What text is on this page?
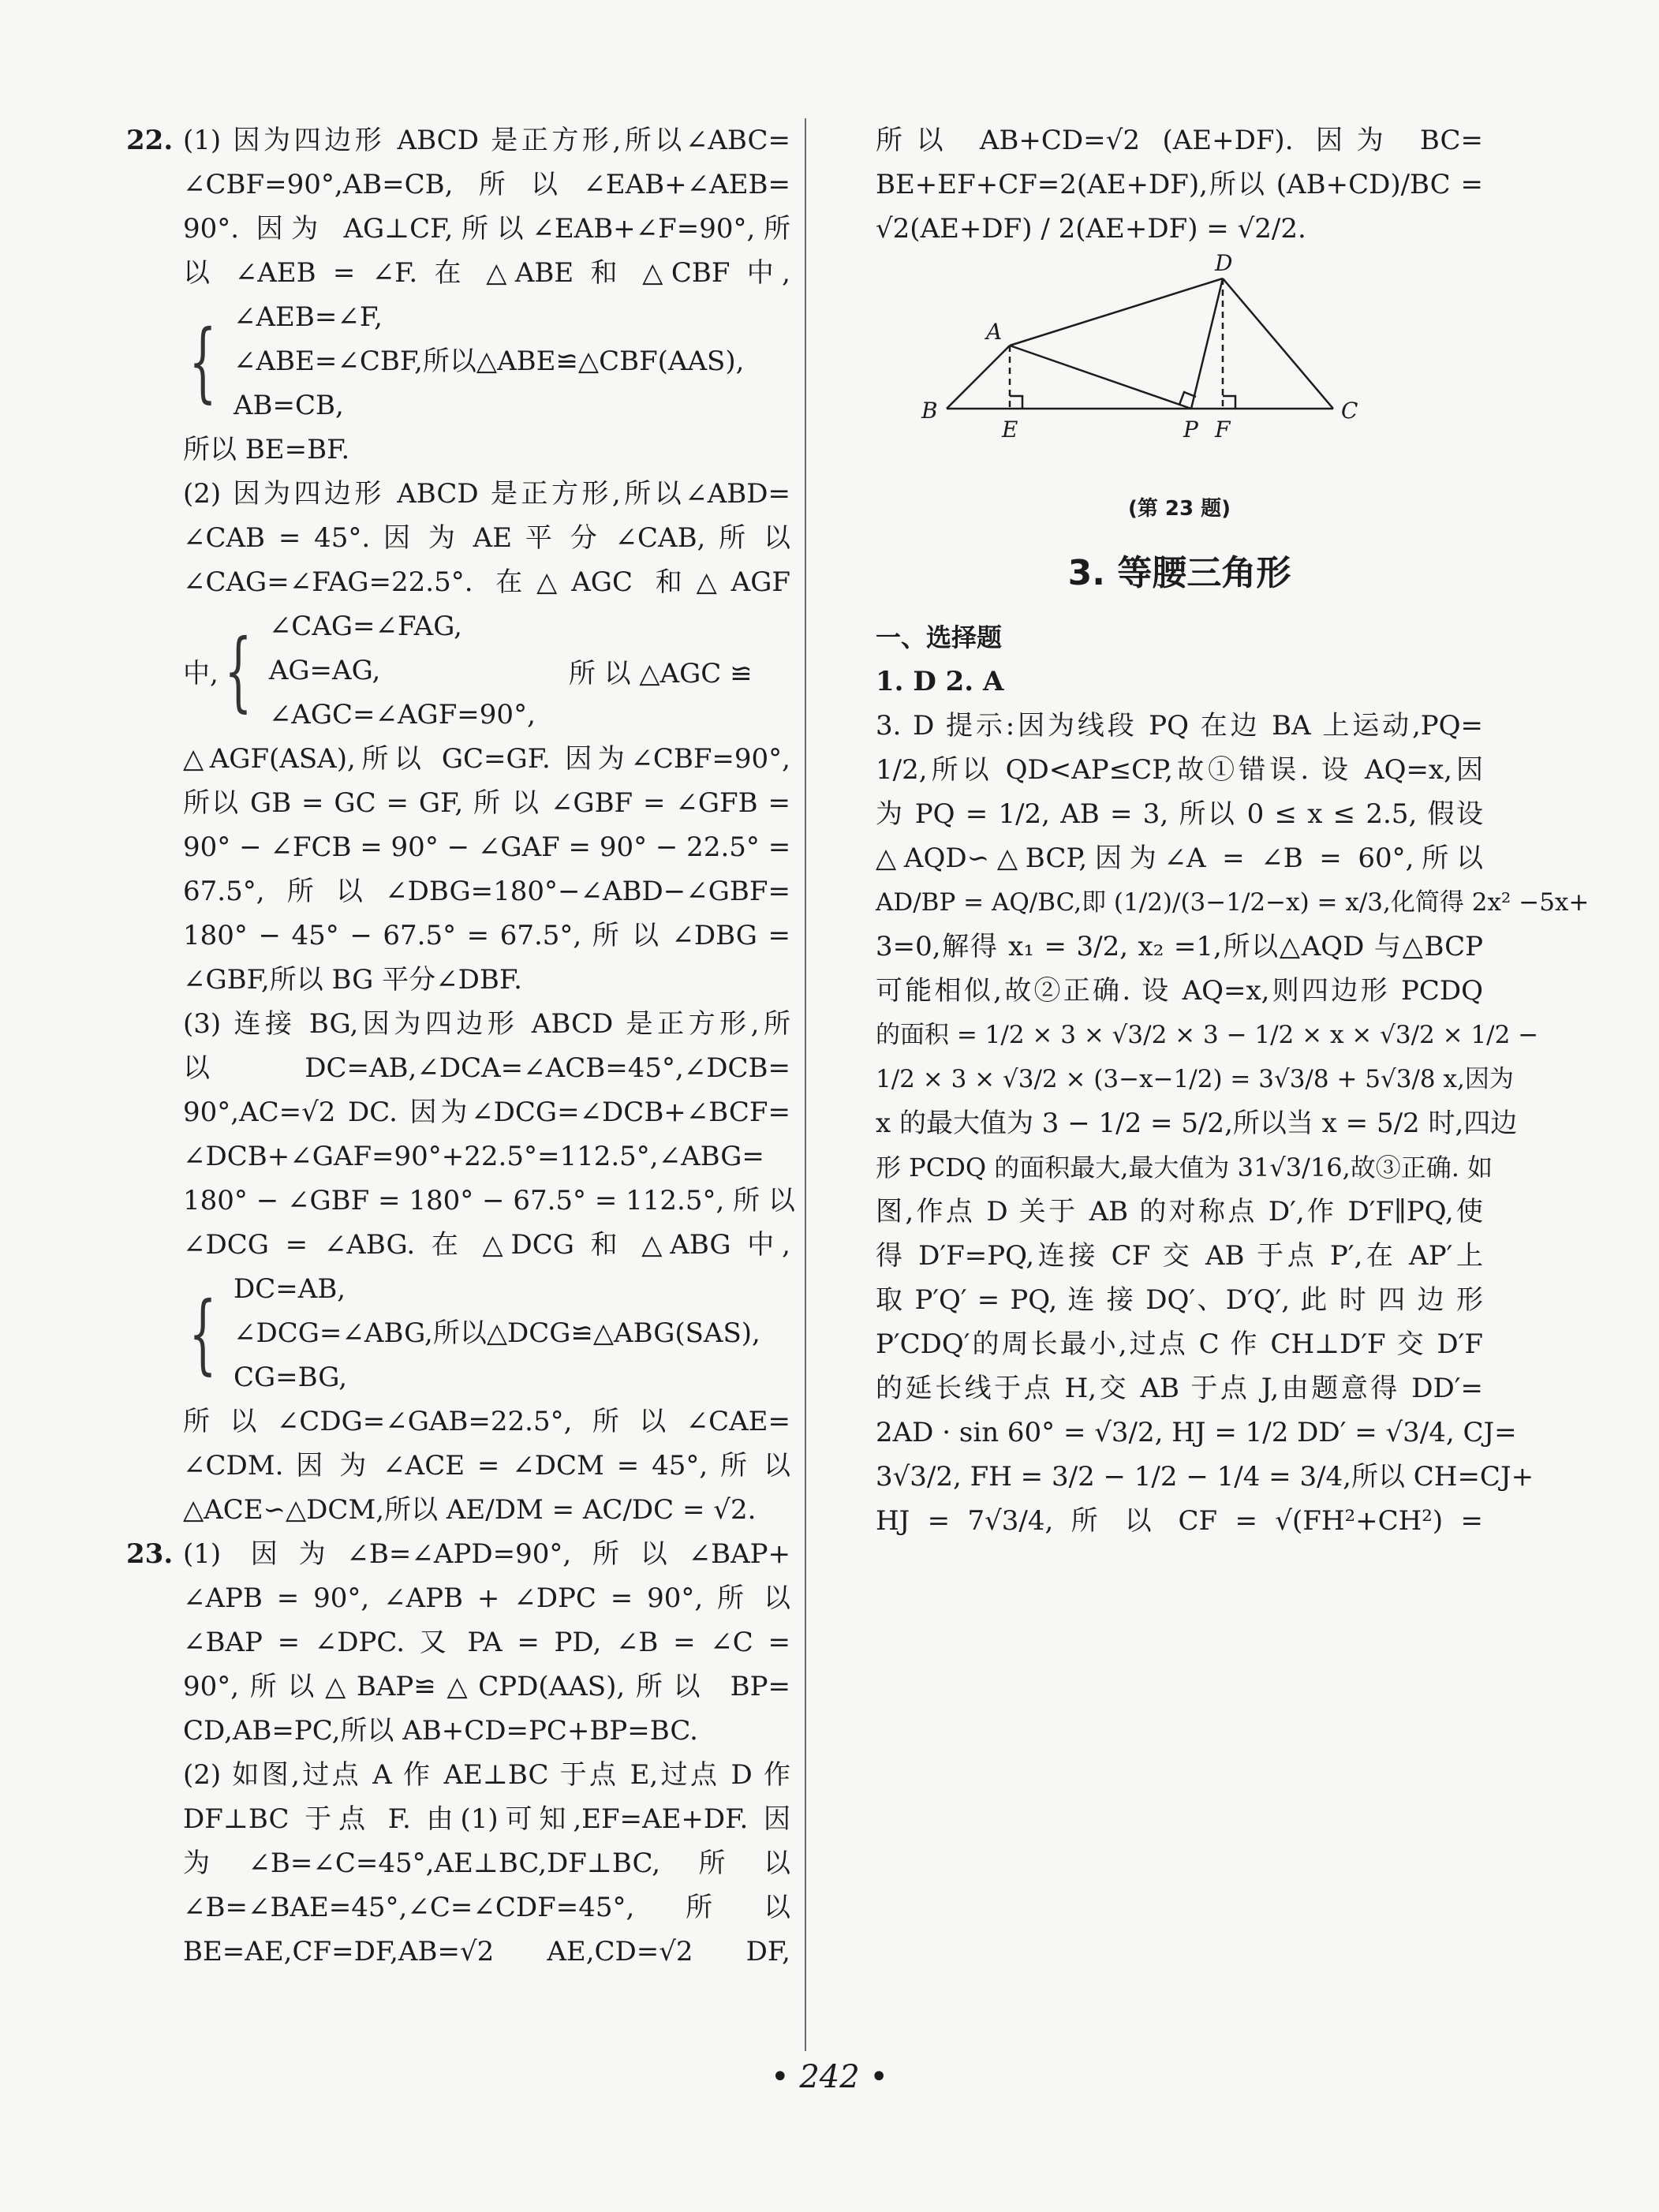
22. (1) 因为四边形 ABCD 是正方形,所以∠ABC=

∠CBF=90°,AB=CB,所以∠EAB+∠AEB=

90°. 因为 AG⊥CF,所以∠EAB+∠F=90°,所

以 ∠AEB = ∠F. 在 △ABE 和 △CBF 中,

{ ∠AEB=∠F,

∠ABE=∠CBF,所以△ABE≌△CBF(AAS),

AB=CB,

所以 BE=BF.

(2) 因为四边形 ABCD 是正方形,所以∠ABD=

∠CAB = 45°. 因 为 AE 平 分 ∠CAB, 所 以

∠CAG=∠FAG=22.5°. 在△AGC 和△AGF

中, { ∠CAG=∠FAG,

AG=AG,

∠AGC=∠AGF=90°,

所 以 △AGC ≌

△AGF(ASA),所以 GC=GF. 因为∠CBF=90°,

所以 GB = GC = GF, 所 以 ∠GBF = ∠GFB =

90° − ∠FCB = 90° − ∠GAF = 90° − 22.5° =

67.5°,所以∠DBG=180°−∠ABD−∠GBF=

180° − 45° − 67.5° = 67.5°, 所 以 ∠DBG =

∠GBF,所以 BG 平分∠DBF.

(3) 连接 BG,因为四边形 ABCD 是正方形,所

以 DC=AB,∠DCA=∠ACB=45°,∠DCB=

90°,AC=√2 DC. 因为∠DCG=∠DCB+∠BCF=

∠DCB+∠GAF=90°+22.5°=112.5°,∠ABG=

180° − ∠GBF = 180° − 67.5° = 112.5°, 所 以

∠DCG = ∠ABG. 在 △DCG 和 △ABG 中,

{ DC=AB,

∠DCG=∠ABG,所以△DCG≌△ABG(SAS),

CG=BG,

所以∠CDG=∠GAB=22.5°,所以∠CAE=

∠CDM. 因 为 ∠ACE = ∠DCM = 45°, 所 以

△ACE∽△DCM,所以 AE/DM = AC/DC = √2.

23. (1) 因为∠B=∠APD=90°,所以∠BAP+

∠APB = 90°, ∠APB + ∠DPC = 90°, 所 以

∠BAP = ∠DPC. 又 PA = PD, ∠B = ∠C =

90°,所以△BAP≌△CPD(AAS),所以 BP=

CD,AB=PC,所以 AB+CD=PC+BP=BC.

(2) 如图,过点 A 作 AE⊥BC 于点 E,过点 D 作

DF⊥BC 于点 F. 由(1)可知,EF=AE+DF. 因

为∠B=∠C=45°,AE⊥BC,DF⊥BC,所以

∠B=∠BAE=45°,∠C=∠CDF=45°,所以

BE=AE,CF=DF,AB=√2 AE,CD=√2 DF,

所以 AB+CD=√2 (AE+DF). 因为 BC=

BE+EF+CF=2(AE+DF),所以 (AB+CD)/BC =

√2(AE+DF) / 2(AE+DF) = √2/2.

A
B	C
D
E	F
P
(第 23 题)
3. 等腰三角形
一、选择题

1. D 2. A

3. D 提示:因为线段 PQ 在边 BA 上运动,PQ=

1/2,所以 QD<AP≤CP,故①错误. 设 AQ=x,因

为 PQ = 1/2, AB = 3, 所以 0 ≤ x ≤ 2.5, 假设

△AQD∽△BCP,因为∠A = ∠B = 60°,所以

AD/BP = AQ/BC,即 (1/2)/(3−1/2−x) = x/3,化简得 2x² −5x+

3=0,解得 x₁ = 3/2, x₂ =1,所以△AQD 与△BCP

可能相似,故②正确. 设 AQ=x,则四边形 PCDQ

的面积 = 1/2 × 3 × √3/2 × 3 − 1/2 × x × √3/2 × 1/2 −

1/2 × 3 × √3/2 × (3−x−1/2) = 3√3/8 + 5√3/8 x,因为

x 的最大值为 3 − 1/2 = 5/2,所以当 x = 5/2 时,四边

形 PCDQ 的面积最大,最大值为 31√3/16,故③正确. 如

图,作点 D 关于 AB 的对称点 D′,作 D′F∥PQ,使

得 D′F=PQ,连接 CF 交 AB 于点 P′,在 AP′上

取 P′Q′ = PQ, 连 接 DQ′、D′Q′, 此 时 四 边 形

P′CDQ′的周长最小,过点 C 作 CH⊥D′F 交 D′F

的延长线于点 H,交 AB 于点 J,由题意得 DD′=

2AD · sin 60° = √3/2, HJ = 1/2 DD′ = √3/4, CJ=

3√3/2, FH = 3/2 − 1/2 − 1/4 = 3/4,所以 CH=CJ+

HJ = 7√3/4, 所 以 CF = √(FH²+CH²) =

• 242 •
